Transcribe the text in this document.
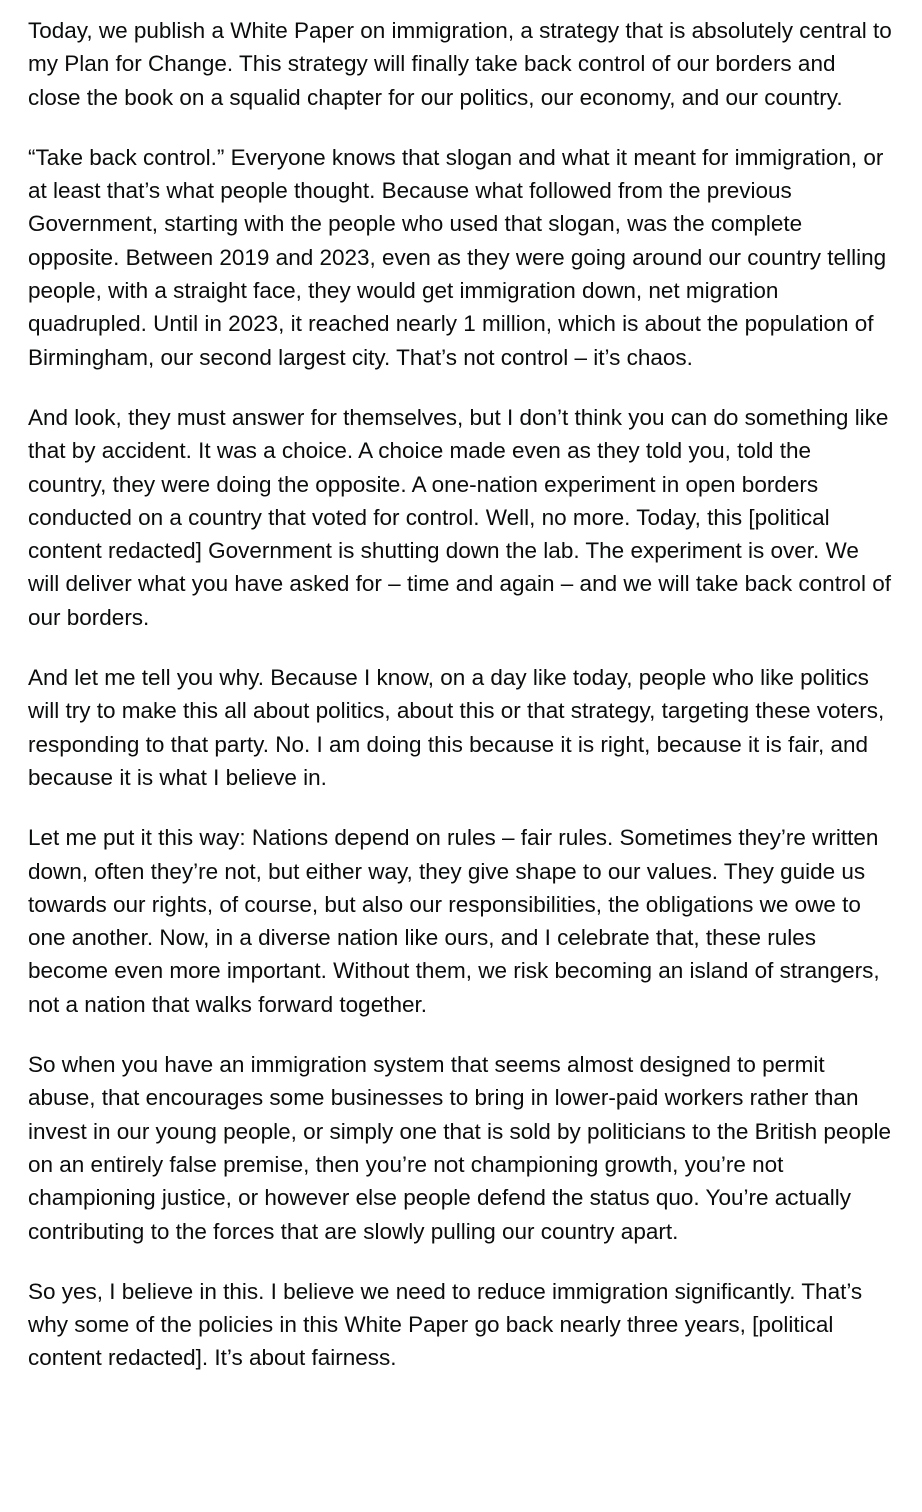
Today, we publish a White Paper on immigration, a strategy that is absolutely central to my Plan for Change. This strategy will finally take back control of our borders and close the book on a squalid chapter for our politics, our economy, and our country.

“Take back control.” Everyone knows that slogan and what it meant for immigration, or at least that’s what people thought. Because what followed from the previous Government, starting with the people who used that slogan, was the complete opposite. Between 2019 and 2023, even as they were going around our country telling people, with a straight face, they would get immigration down, net migration quadrupled. Until in 2023, it reached nearly 1 million, which is about the population of Birmingham, our second largest city. That’s not control – it’s chaos.

And look, they must answer for themselves, but I don’t think you can do something like that by accident. It was a choice. A choice made even as they told you, told the country, they were doing the opposite. A one-nation experiment in open borders conducted on a country that voted for control. Well, no more. Today, this [political content redacted] Government is shutting down the lab. The experiment is over. We will deliver what you have asked for – time and again – and we will take back control of our borders.

And let me tell you why. Because I know, on a day like today, people who like politics will try to make this all about politics, about this or that strategy, targeting these voters, responding to that party. No. I am doing this because it is right, because it is fair, and because it is what I believe in.

Let me put it this way: Nations depend on rules – fair rules. Sometimes they’re written down, often they’re not, but either way, they give shape to our values. They guide us towards our rights, of course, but also our responsibilities, the obligations we owe to one another. Now, in a diverse nation like ours, and I celebrate that, these rules become even more important. Without them, we risk becoming an island of strangers, not a nation that walks forward together.

So when you have an immigration system that seems almost designed to permit abuse, that encourages some businesses to bring in lower-paid workers rather than invest in our young people, or simply one that is sold by politicians to the British people on an entirely false premise, then you’re not championing growth, you’re not championing justice, or however else people defend the status quo. You’re actually contributing to the forces that are slowly pulling our country apart.

So yes, I believe in this. I believe we need to reduce immigration significantly. That’s why some of the policies in this White Paper go back nearly three years, [political content redacted]. It’s about fairness.
